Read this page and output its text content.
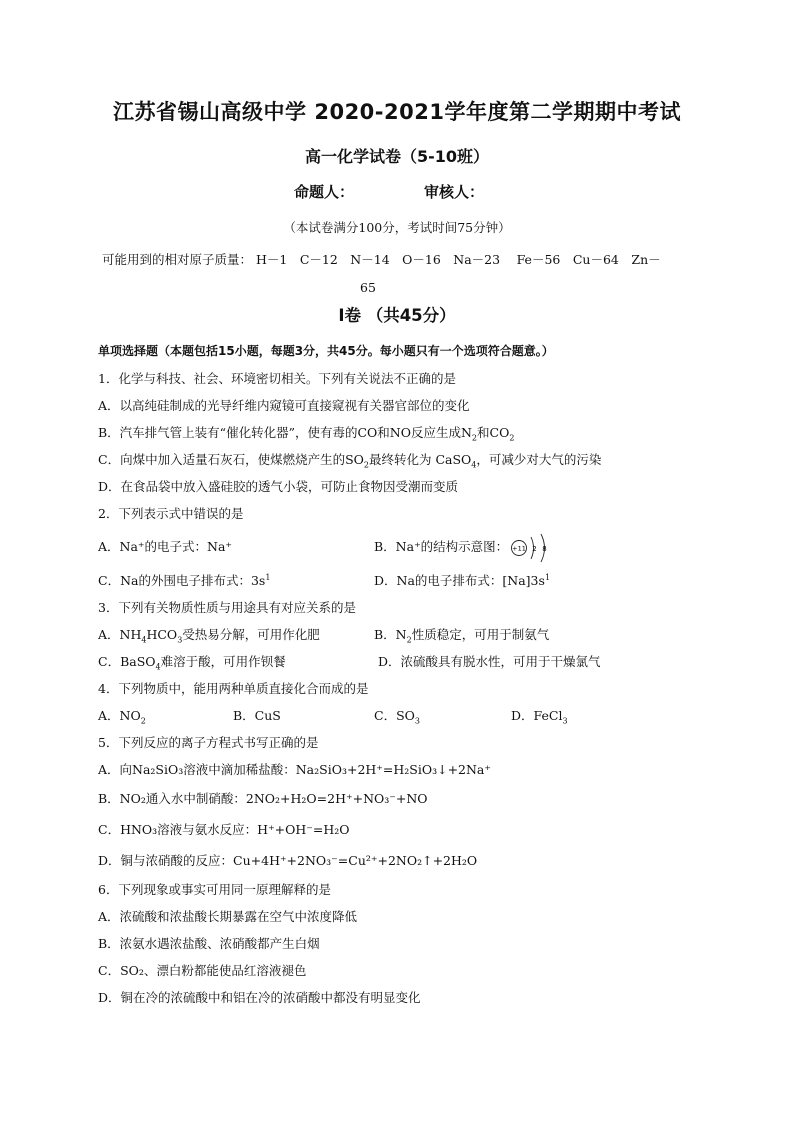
江苏省锡山高级中学 2020-2021学年度第二学期期中考试
高一化学试卷（5-10班）
命题人：	审核人：
（本试卷满分100分，考试时间75分钟）
可能用到的相对原子质量： H－1　C－12　N－14　O－16　Na－23　 Fe－56　Cu－64　Zn－
65
I卷 （共45分）
单项选择题（本题包括15小题，每题3分，共45分。每小题只有一个选项符合题意。）
1．化学与科技、社会、环境密切相关。下列有关说法不正确的是
A．以高纯硅制成的光导纤维内窥镜可直接窥视有关器官部位的变化
B．汽车排气管上装有“催化转化器”，使有毒的CO和NO反应生成$N_2$和$CO_2$
C．向煤中加入适量石灰石，使煤燃烧产生的$SO_2$最终转化为 CaSO$_4$，可减少对大气的污染
D．在食品袋中放入盛硅胶的透气小袋，可防止食物因受潮而变质
2．下列表示式中错误的是
A．Na⁺的电子式：Na⁺	B．Na⁺的结构示意图： +11 2 8
C．Na的外围电子排布式：$3s^1$	D．Na的电子排布式：$[Na]3s^1$
3．下列有关物质性质与用途具有对应关系的是
A．$NH_4HCO_3$受热易分解，可用作化肥	B．$N_2$性质稳定，可用于制氨气
C．BaSO$_4$难溶于酸，可用作钡餐	D．浓硫酸具有脱水性，可用于干燥氯气
4．下列物质中，能用两种单质直接化合而成的是
A．$NO_2$	B．CuS	C．$SO_3$	D．FeCl$_3$
5．下列反应的离子方程式书写正确的是
A．向Na₂SiO₃溶液中滴加稀盐酸：Na₂SiO₃+2H⁺=H₂SiO₃↓+2Na⁺
B．NO₂通入水中制硝酸：2NO₂+H₂O=2H⁺+NO₃⁻+NO
C．HNO₃溶液与氨水反应：H⁺+OH⁻=H₂O
D．铜与浓硝酸的反应：Cu+4H⁺+2NO₃⁻=Cu²⁺+2NO₂↑+2H₂O
6．下列现象或事实可用同一原理解释的是
A．浓硫酸和浓盐酸长期暴露在空气中浓度降低
B．浓氨水遇浓盐酸、浓硝酸都产生白烟
C．SO₂、漂白粉都能使品红溶液褪色
D．铜在冷的浓硫酸中和铝在冷的浓硝酸中都没有明显变化
